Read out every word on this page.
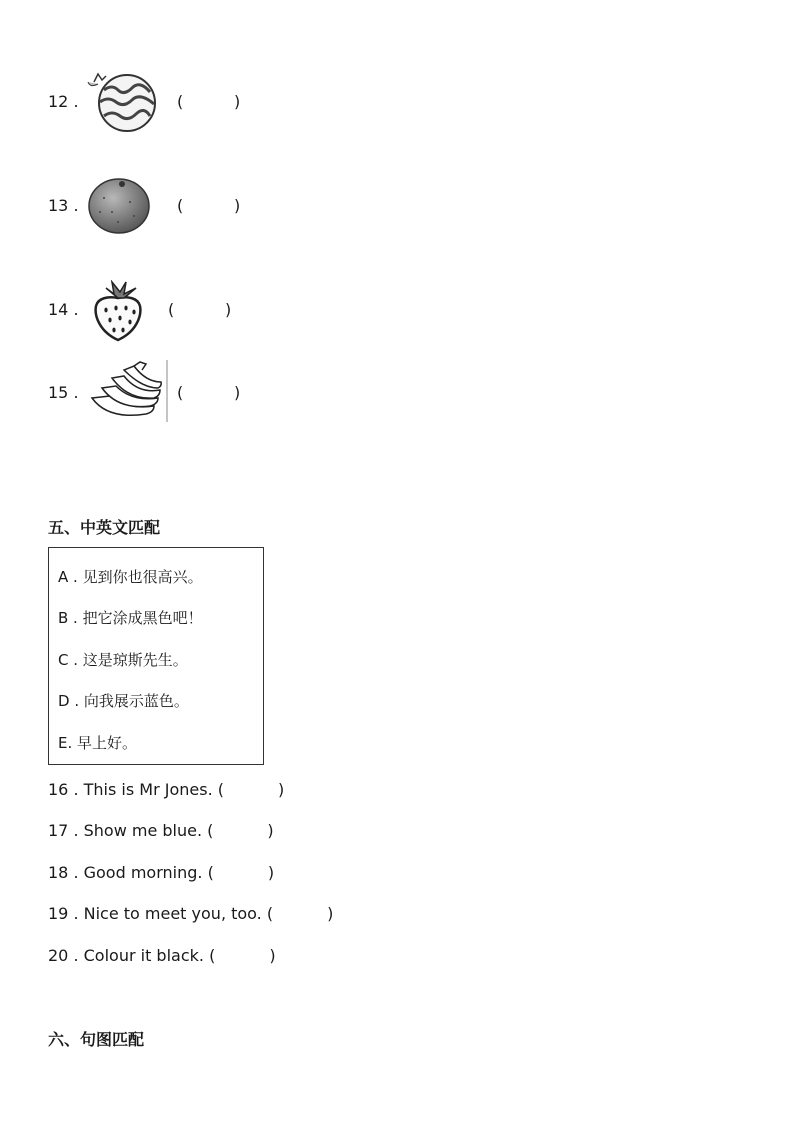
12 .	(	)
13 .	(	)
14 .	(	)
15 .	(	)
五、中英文匹配
A . 见到你也很高兴。
B . 把它涂成黑色吧！
C . 这是琼斯先生。
D . 向我展示蓝色。
E. 早上好。
16 . This is Mr Jones. (	)
17 . Show me blue. (	)
18 . Good morning. (	)
19 . Nice to meet you, too. (	)
20 . Colour it black. (	)
六、句图匹配
